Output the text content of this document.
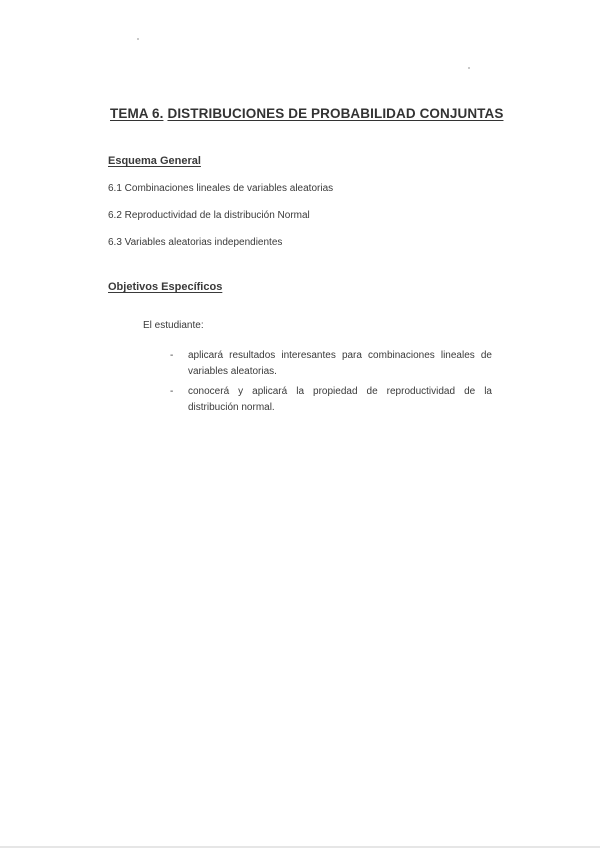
TEMA 6. DISTRIBUCIONES DE PROBABILIDAD CONJUNTAS
Esquema General
6.1 Combinaciones lineales de variables aleatorias
6.2 Reproductividad de la distribución Normal
6.3 Variables aleatorias independientes
Objetivos Específicos
El estudiante:
- aplicará resultados interesantes para combinaciones lineales de variables aleatorias.
- conocerá y aplicará la propiedad de reproductividad de la distribución normal.
